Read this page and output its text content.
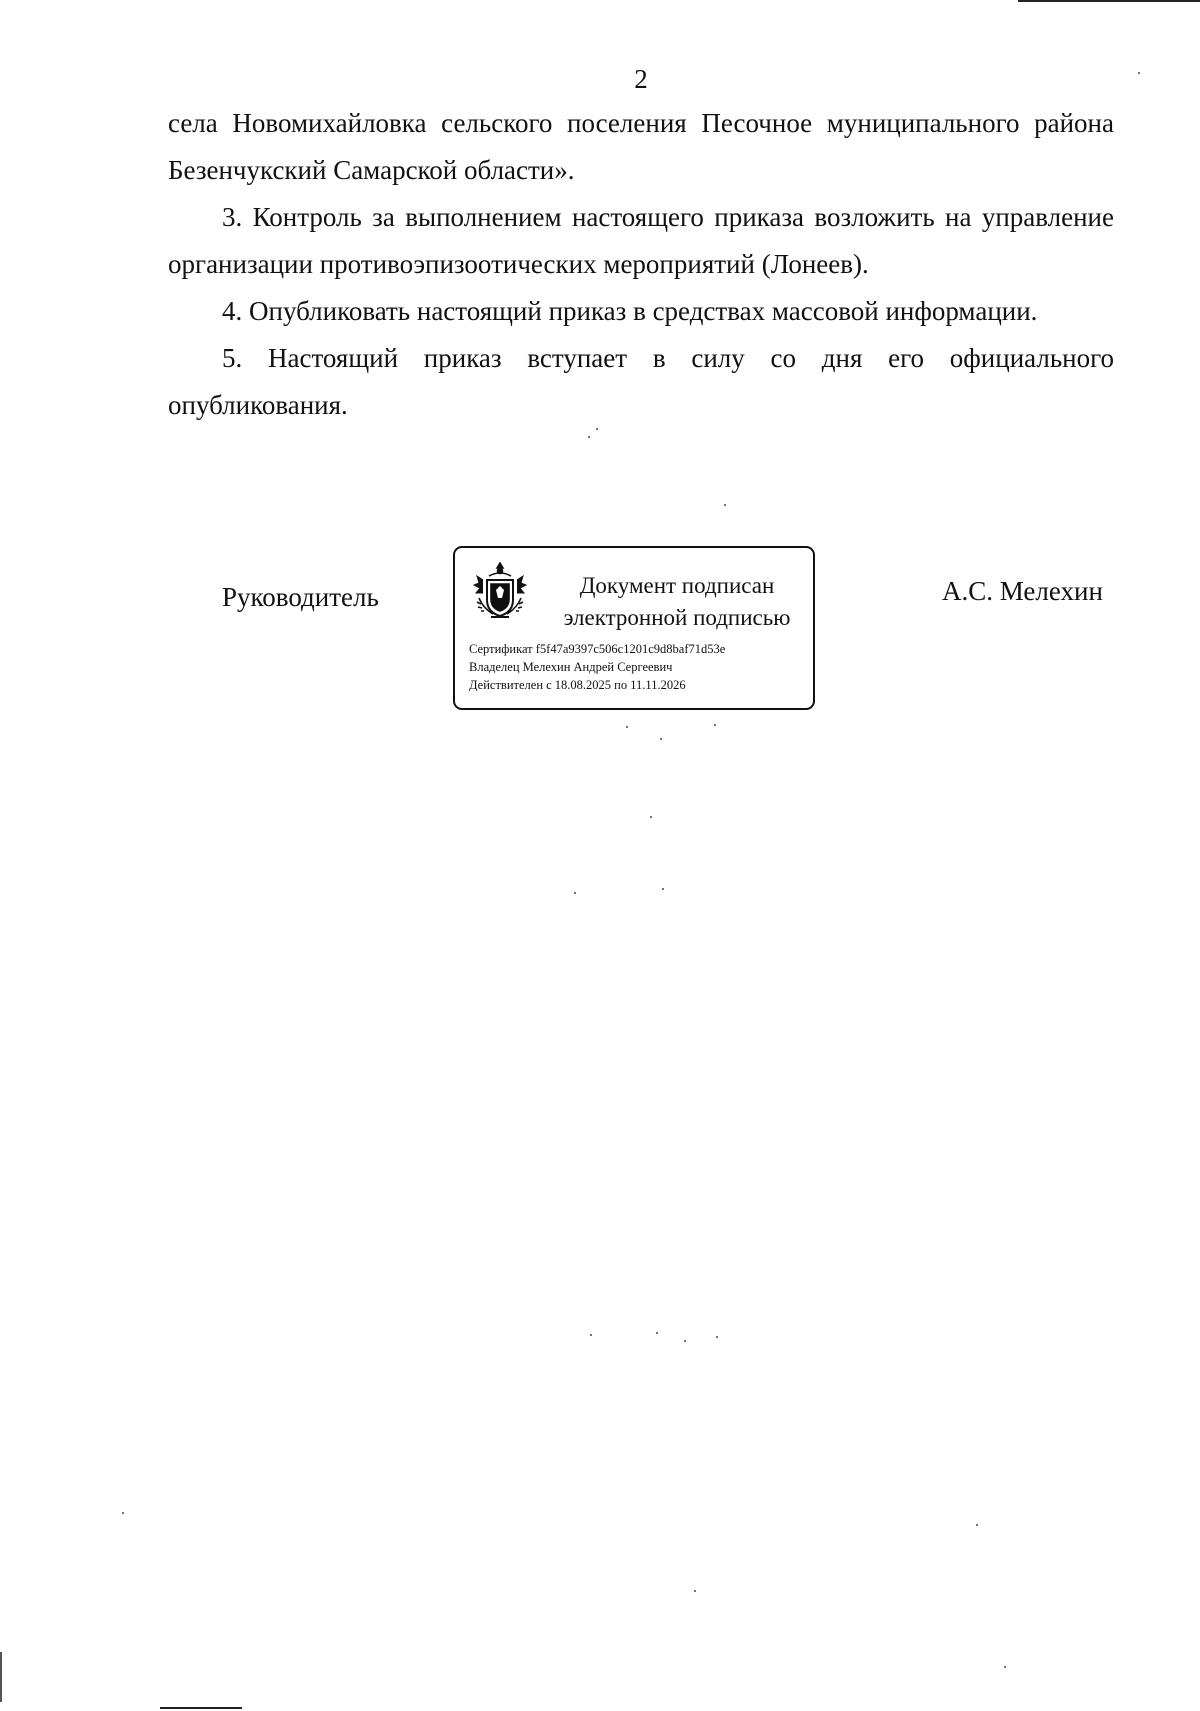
2

села Новомихайловка сельского поселения Песочное муниципального района Безенчукский Самарской области».

3. Контроль за выполнением настоящего приказа возложить на управление организации противоэпизоотических мероприятий (Лонеев).

4. Опубликовать настоящий приказ в средствах массовой информации.

5. Настоящий приказ вступает в силу со дня его официального опубликования.

Руководитель	Документ подписан
электронной подписью
Сертификат f5f47a9397c506c1201c9d8baf71d53e
Владелец Мелехин Андрей Сергеевич
Действителен с 18.08.2025 по 11.11.2026
А.С. Мелехин
